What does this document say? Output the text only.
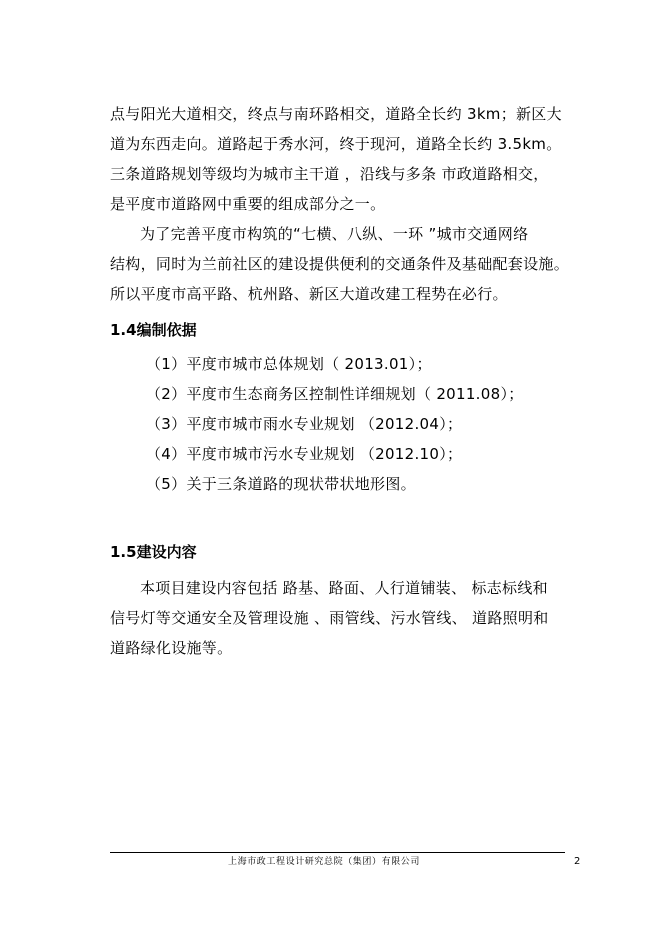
点与阳光大道相交，终点与南环路相交，道路全长约 3km；新区大
道为东西走向。道路起于秀水河，终于现河，道路全长约 3.5km。
三条道路规划等级均为城市主干道 ，沿线与多条 市政道路相交，
是平度市道路网中重要的组成部分之一。
为了完善平度市构筑的“七横、八纵、一环 ”城市交通网络
结构，同时为兰前社区的建设提供便利的交通条件及基础配套设施。
所以平度市高平路、杭州路、新区大道改建工程势在必行。
1.4编制依据
（1）平度市城市总体规划（ 2013.01）；
（2）平度市生态商务区控制性详细规划（ 2011.08）；
（3）平度市城市雨水专业规划 （2012.04）；
（4）平度市城市污水专业规划 （2012.10）；
（5）关于三条道路的现状带状地形图。
1.5建设内容
本项目建设内容包括 路基、路面、人行道铺装、 标志标线和
信号灯等交通安全及管理设施 、雨管线、污水管线、 道路照明和
道路绿化设施等。
上海市政工程设计研究总院（集团）有限公司	2
